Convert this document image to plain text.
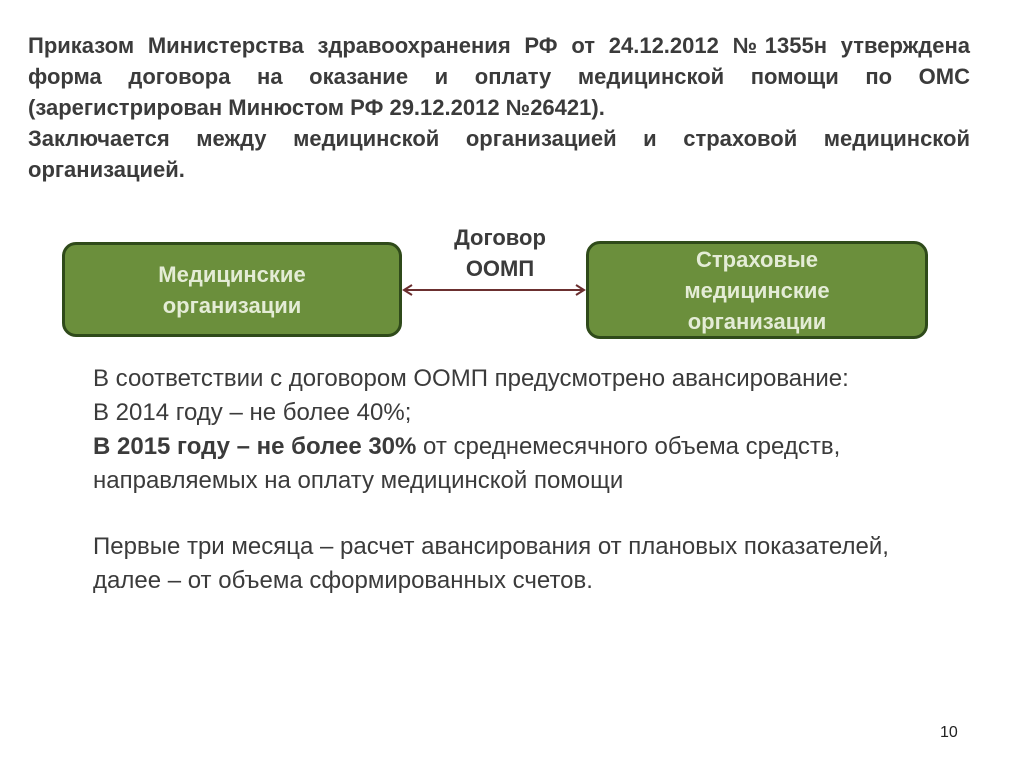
Приказом Министерства здравоохранения РФ от 24.12.2012 №1355н утверждена форма договора на оказание и оплату медицинской помощи по ОМС (зарегистрирован Минюстом РФ 29.12.2012 №26421).

Заключается между медицинской организацией и страховой медицинской организацией.

Медицинские организации
Договор
ООМП	Страховые медицинские организации

В соответствии с договором ООМП предусмотрено авансирование:

В 2014 году – не более 40%;

В 2015 году – не более 30% от среднемесячного объема средств, направляемых на оплату медицинской помощи

Первые три месяца – расчет авансирования от плановых показателей, далее – от объема сформированных счетов.

10
